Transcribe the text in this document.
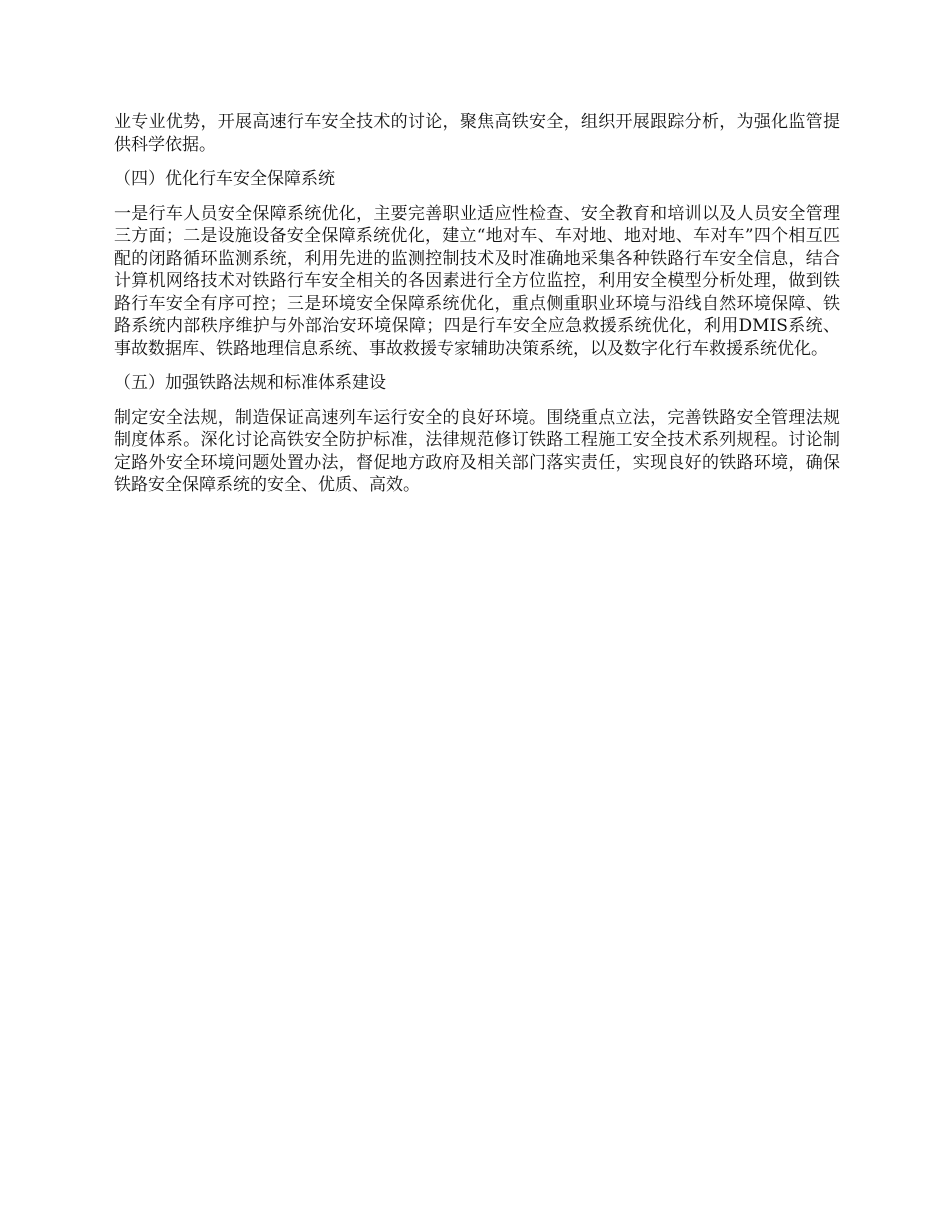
业专业优势，开展高速行车安全技术的讨论，聚焦高铁安全，组织开展跟踪分析，为强化监管提供科学依据。

（四）优化行车安全保障系统

一是行车人员安全保障系统优化，主要完善职业适应性检查、安全教育和培训以及人员安全管理三方面；二是设施设备安全保障系统优化，建立“地对车、车对地、地对地、车对车”四个相互匹配的闭路循环监测系统，利用先进的监测控制技术及时准确地采集各种铁路行车安全信息，结合计算机网络技术对铁路行车安全相关的各因素进行全方位监控，利用安全模型分析处理，做到铁路行车安全有序可控；三是环境安全保障系统优化，重点侧重职业环境与沿线自然环境保障、铁路系统内部秩序维护与外部治安环境保障；四是行车安全应急救援系统优化，利用DMIS系统、事故数据库、铁路地理信息系统、事故救援专家辅助决策系统，以及数字化行车救援系统优化。

（五）加强铁路法规和标准体系建设

制定安全法规，制造保证高速列车运行安全的良好环境。围绕重点立法，完善铁路安全管理法规制度体系。深化讨论高铁安全防护标准，法律规范修订铁路工程施工安全技术系列规程。讨论制定路外安全环境问题处置办法，督促地方政府及相关部门落实责任，实现良好的铁路环境，确保铁路安全保障系统的安全、优质、高效。
